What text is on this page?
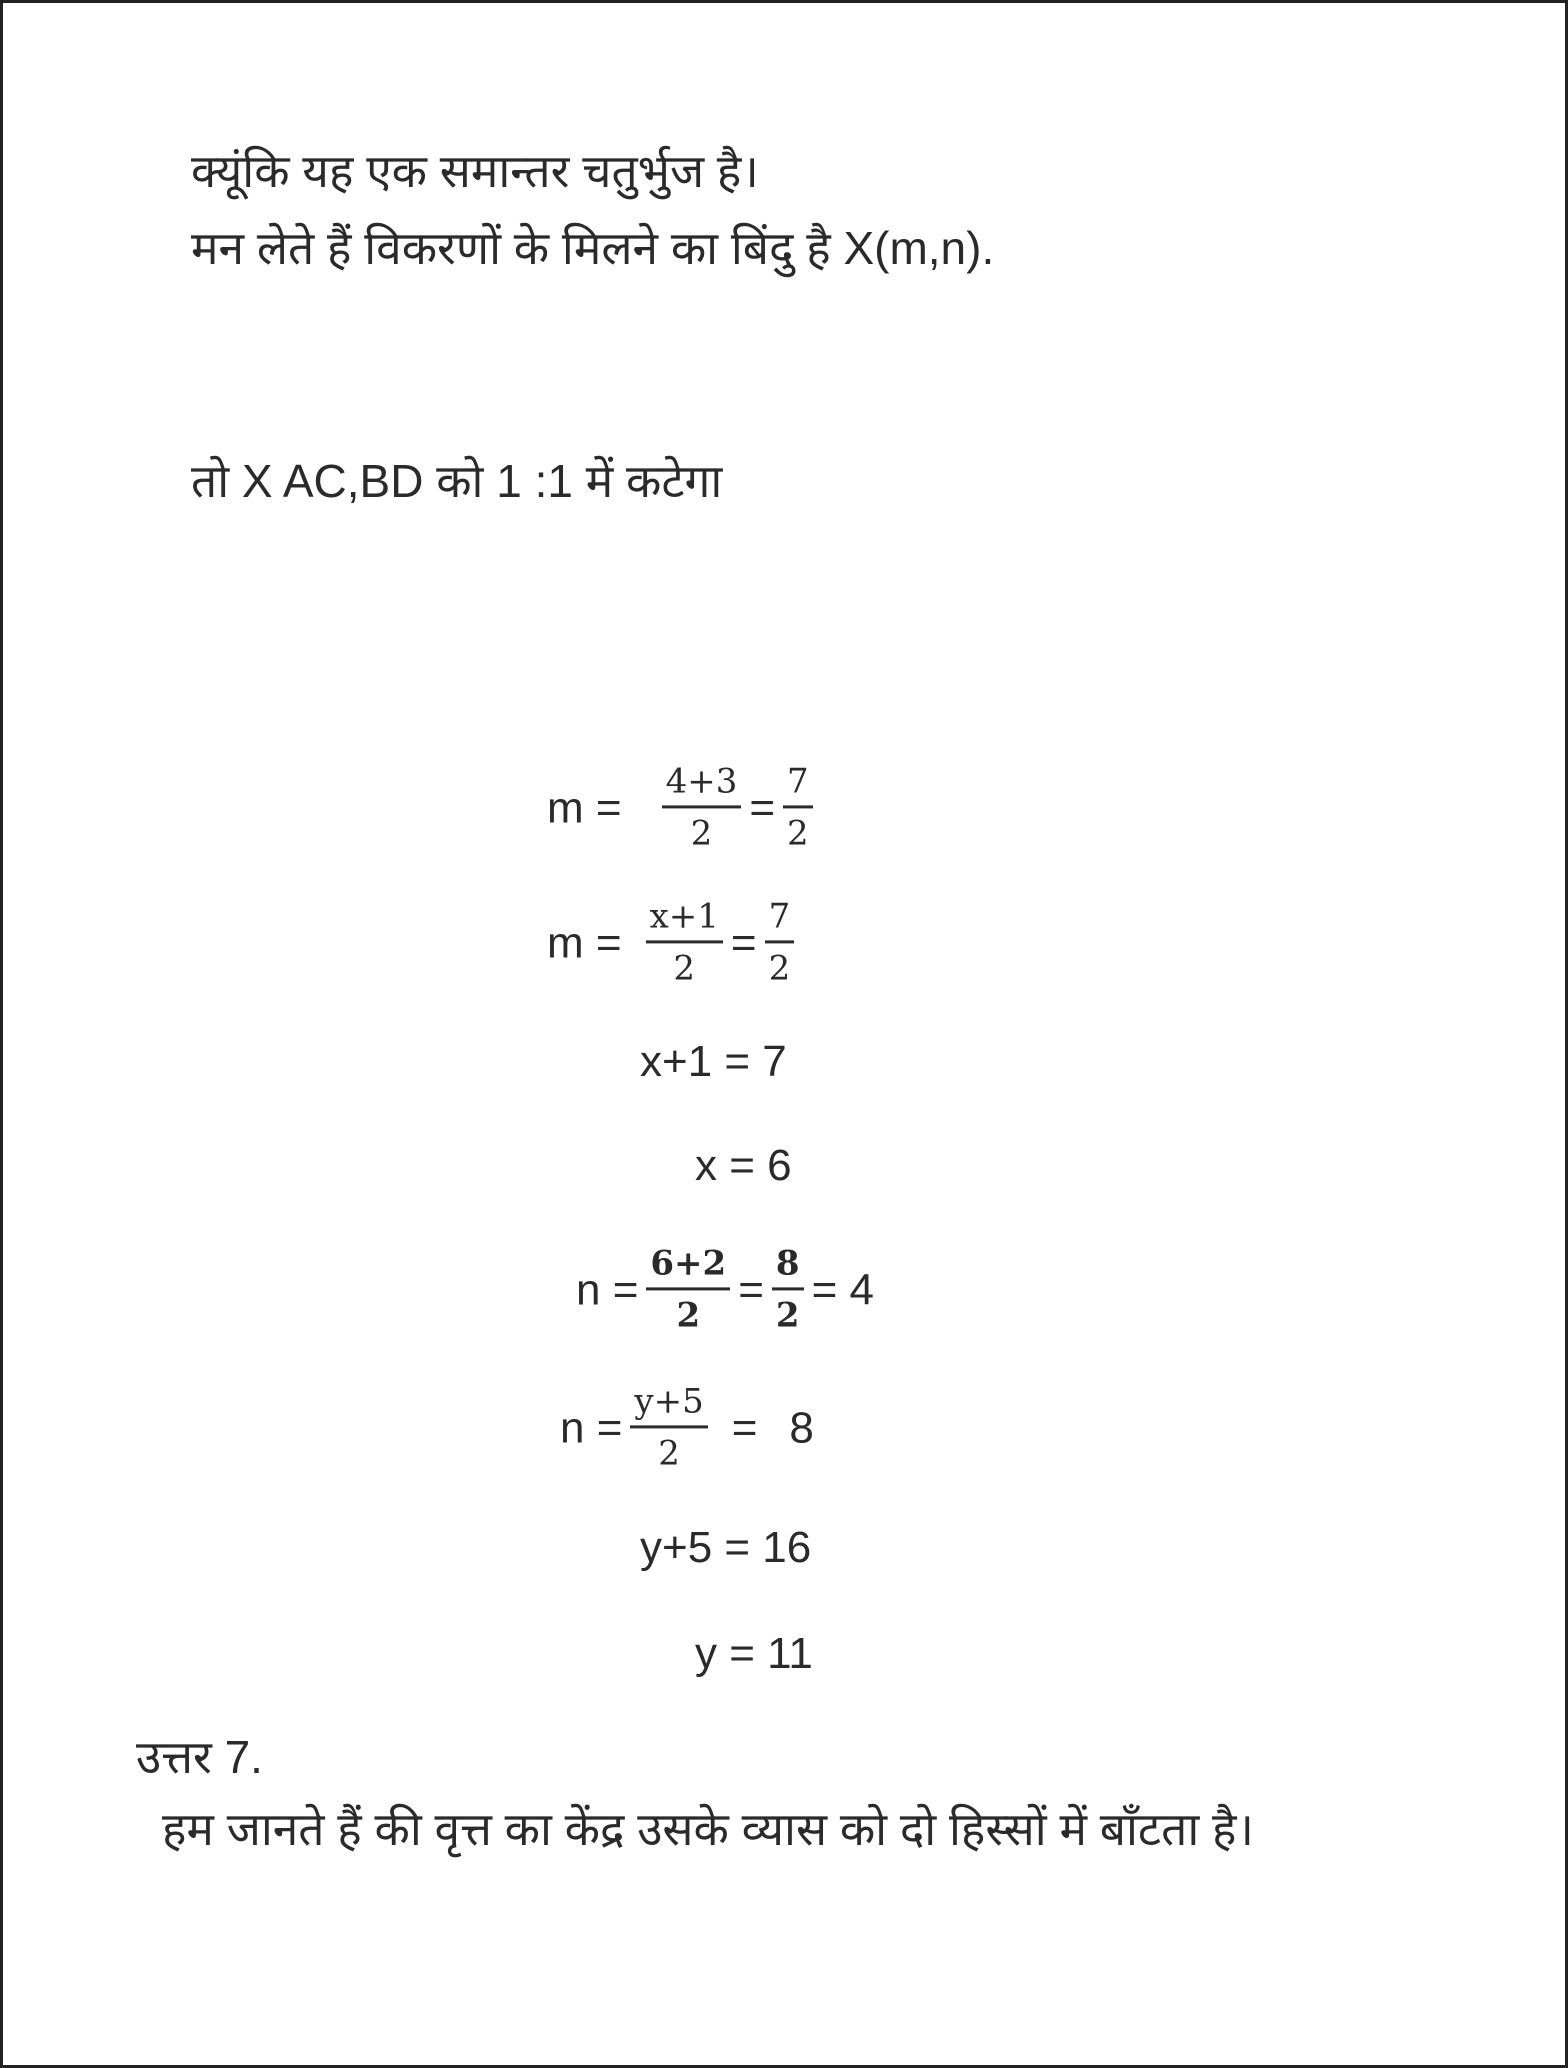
क्यूंकि यह एक समान्तर चतुर्भुज है।
मन लेते हैं विकरणों के मिलने का बिंदु है X(m,n).
तो X AC,BD को 1 :1 में कटेगा
$m = \frac{4+3}{2} = \frac{7}{2}$
$m = \frac{x+1}{2} = \frac{7}{2}$
x+1 = 7
x = 6
$n = \frac{6+2}{2} = \frac{8}{2} = 4$
$n = \frac{y+5}{2} = 8$
y+5 = 16
y = 11
उत्तर 7.
हम जानते हैं की वृत्त का केंद्र उसके व्यास को दो हिस्सों में बाँटता है।
